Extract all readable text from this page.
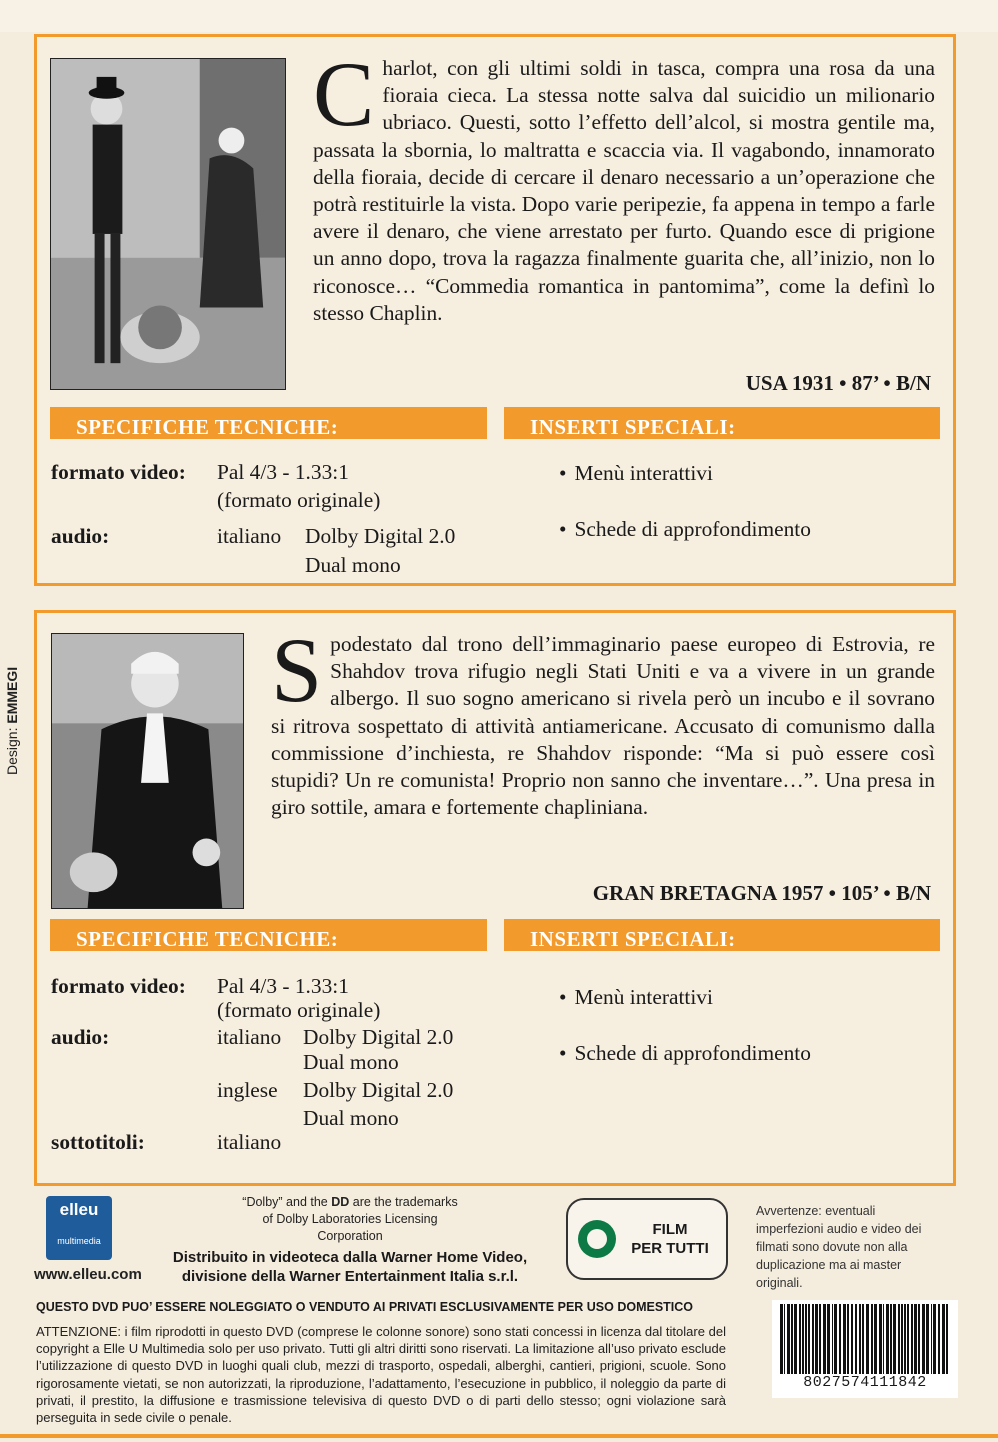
Design: EMMEGI
Charlot, con gli ultimi soldi in tasca, compra una rosa da una fioraia cieca. La stessa notte salva dal suicidio un milionario ubriaco. Questi, sotto l’effetto dell’alcol, si mostra gentile ma, passata la sbornia, lo maltratta e scaccia via. Il vagabondo, innamorato della fioraia, decide di cercare il denaro necessario a un’operazione che potrà restituirle la vista. Dopo varie peripezie, fa appena in tempo a farle avere il denaro, che viene arrestato per furto. Quando esce di prigione un anno dopo, trova la ragazza finalmente guarita che, all’inizio, non lo riconosce… “Commedia romantica in pantomima”, come la definì lo stesso Chaplin.
USA 1931 • 87’ • B/N
SPECIFICHE TECNICHE:	INSERTI SPECIALI:
formato video: Pal 4/3 - 1.33:1
(formato originale)
audio:	italiano Dolby Digital 2.0
Dual mono
• Menù interattivi
• Schede di approfondimento
Spodestato dal trono dell’immaginario paese europeo di Estrovia, re Shahdov trova rifugio negli Stati Uniti e va a vivere in un grande albergo. Il suo sogno americano si rivela però un incubo e il sovrano si ritrova sospettato di attività antiamericane. Accusato di comunismo dalla commissione d’inchiesta, re Shahdov risponde: “Ma si può essere così stupidi? Un re comunista! Proprio non sanno che inventare…”. Una presa in giro sottile, amara e fortemente chapliniana.
GRAN BRETAGNA 1957 • 105’ • B/N
SPECIFICHE TECNICHE:	INSERTI SPECIALI:
formato video: Pal 4/3 - 1.33:1
(formato originale)
audio:	italiano Dolby Digital 2.0
Dual mono
inglese Dolby Digital 2.0
Dual mono
sottotitoli:	italiano
• Menù interattivi
• Schede di approfondimento
elleu
multimedia
www.elleu.com
“Dolby” and the DD are the trademarks
of Dolby Laboratories Licensing Corporation
Distribuito in videoteca dalla Warner Home Video,
divisione della Warner Entertainment Italia s.r.l.
FILM
PER TUTTI
Avvertenze: eventuali imperfezioni audio e video dei filmati sono dovute non alla duplicazione ma ai master originali.
QUESTO DVD PUO’ ESSERE NOLEGGIATO O VENDUTO AI PRIVATI ESCLUSIVAMENTE PER USO DOMESTICO
ATTENZIONE: i film riprodotti in questo DVD (comprese le colonne sonore) sono stati concessi in licenza dal titolare del copyright a Elle U Multimedia solo per uso privato. Tutti gli altri diritti sono riservati. La limitazione all’uso privato esclude l’utilizzazione di questo DVD in luoghi quali club, mezzi di trasporto, ospedali, alberghi, cantieri, prigioni, scuole. Sono rigorosamente vietati, se non autorizzati, la riproduzione, l’adattamento, l’esecuzione in pubblico, il noleggio da parte di privati, il prestito, la diffusione e trasmissione televisiva di questo DVD o di parti dello stesso; ogni violazione sarà perseguita in sede civile o penale.
8027574111842
